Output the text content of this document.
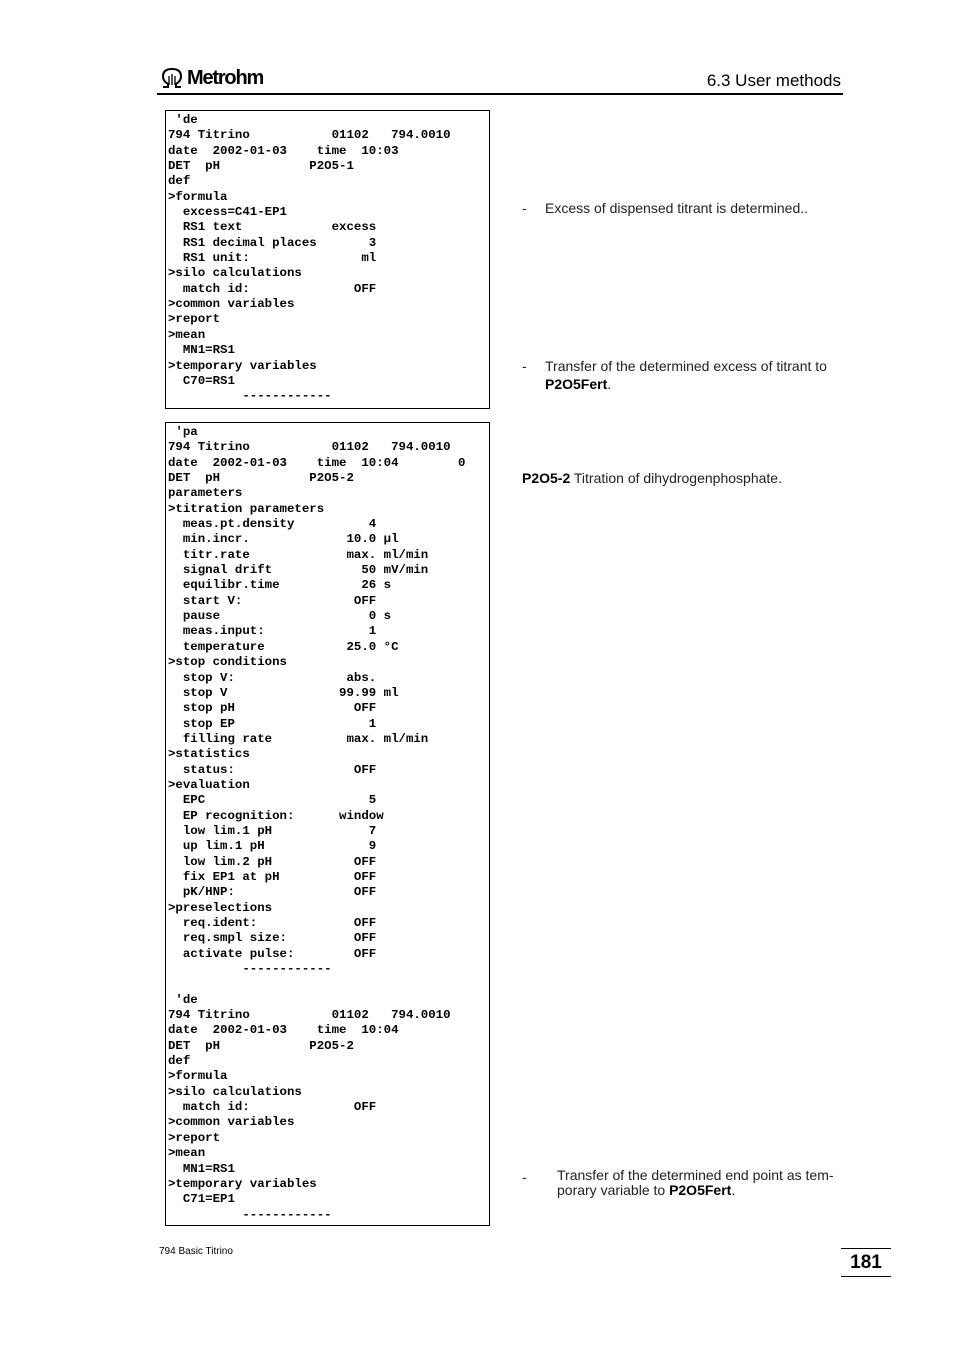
Metrohm	6.3 User methods
'de
794 Titrino           01102   794.0010
date  2002-01-03    time  10:03
DET  pH            P2O5-1
def
>formula
excess=C41-EP1
RS1 text            excess
RS1 decimal places       3
RS1 unit:               ml
>silo calculations
match id:              OFF
>common variables
>report
>mean
MN1=RS1
>temporary variables
C70=RS1
------------
'pa
794 Titrino           01102   794.0010
date  2002-01-03    time  10:04        0
DET  pH            P2O5-2
parameters
>titration parameters
meas.pt.density          4
min.incr.             10.0 µl
titr.rate             max. ml/min
signal drift            50 mV/min
equilibr.time           26 s
start V:               OFF
pause                    0 s
meas.input:              1
temperature           25.0 °C
>stop conditions
stop V:               abs.
stop V               99.99 ml
stop pH                OFF
stop EP                  1
filling rate          max. ml/min
>statistics
status:                OFF
>evaluation
EPC                      5
EP recognition:      window
low lim.1 pH             7
up lim.1 pH              9
low lim.2 pH           OFF
fix EP1 at pH          OFF
pK/HNP:                OFF
>preselections
req.ident:             OFF
req.smpl size:         OFF
activate pulse:        OFF
------------

'de
794 Titrino           01102   794.0010
date  2002-01-03    time  10:04
DET  pH            P2O5-2
def
>formula
>silo calculations
match id:              OFF
>common variables
>report
>mean
MN1=RS1
>temporary variables
C71=EP1
------------
- Excess of dispensed titrant is determined..
- Transfer of the determined excess of titrant to P2O5Fert.
P2O5-2 Titration of dihydrogenphosphate.
- Transfer of the determined end point as tem-porary variable to P2O5Fert.
794 Basic Titrino
181
